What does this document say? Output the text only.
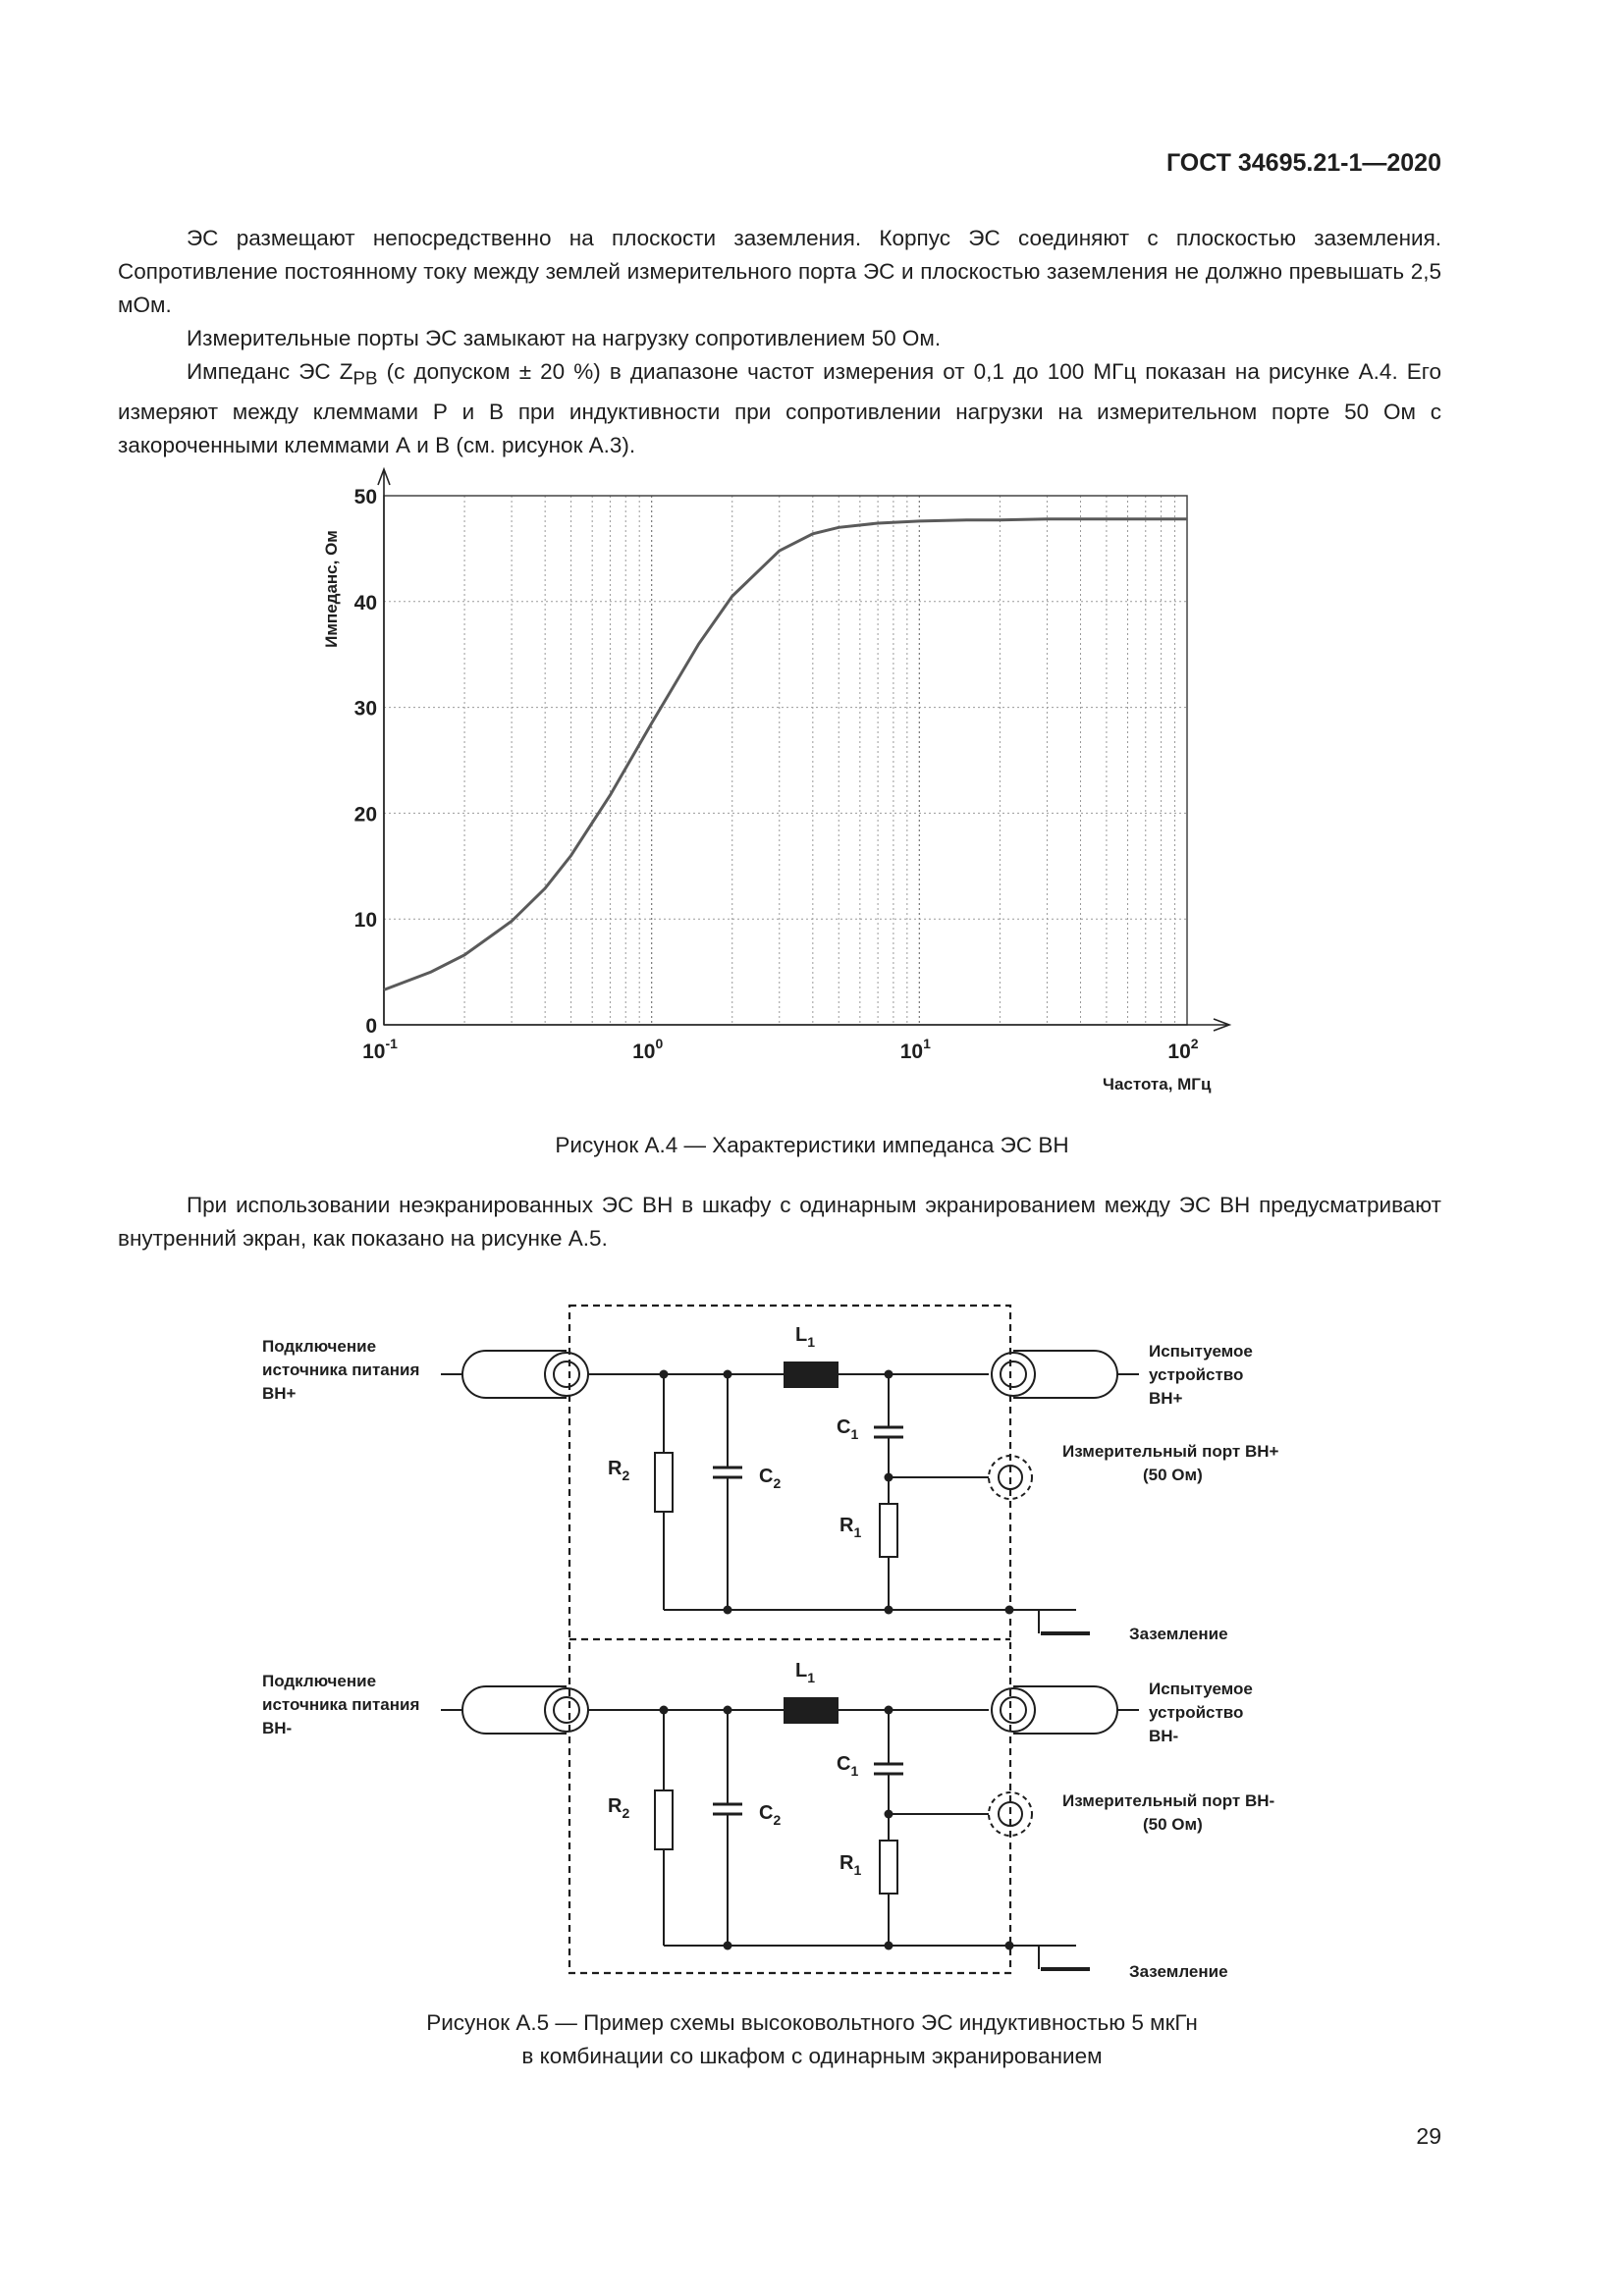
ГОСТ 34695.21-1—2020

ЭС размещают непосредственно на плоскости заземления. Корпус ЭС соединяют с плоскостью заземления. Сопротивление постоянному току между землей измерительного порта ЭС и плоскостью заземления не должно превышать 2,5 мОм.

Измерительные порты ЭС замыкают на нагрузку сопротивлением 50 Ом.

Импеданс ЭС $Z_{PB}$ (с допуском ± 20 %) в диапазоне частот измерения от 0,1 до 100 МГц показан на рисунке А.4. Его измеряют между клеммами Р и В при индуктивности при сопротивлении нагрузки на измерительном порте 50 Ом с закороченными клеммами А и В (см. рисунок А.3).

0
10
20
30
40
50
$10^{-1}$	$10^0$	$10^1$	$10^2$
Частота, МГц
Импеданс, Ом
Рисунок А.4 — Характеристики импеданса ЭС ВН

При использовании неэкранированных ЭС ВН в шкафу с одинарным экранированием между ЭС ВН предусматривают внутренний экран, как показано на рисунке А.5.

Подключение
источника питания
ВН+
Испытуемое
устройство
ВН+
Измерительный порт ВН+
(50 Ом)
Заземление
L1
C1
C2
R1
R2
Подключение
источника питания
ВН-
Испытуемое
устройство
ВН-
Измерительный порт ВН-
(50 Ом)
Заземление
L1
C1
C2
R1
R2
Рисунок А.5 — Пример схемы высоковольтного ЭС индуктивностью 5 мкГн
в комбинации со шкафом с одинарным экранированием
29
